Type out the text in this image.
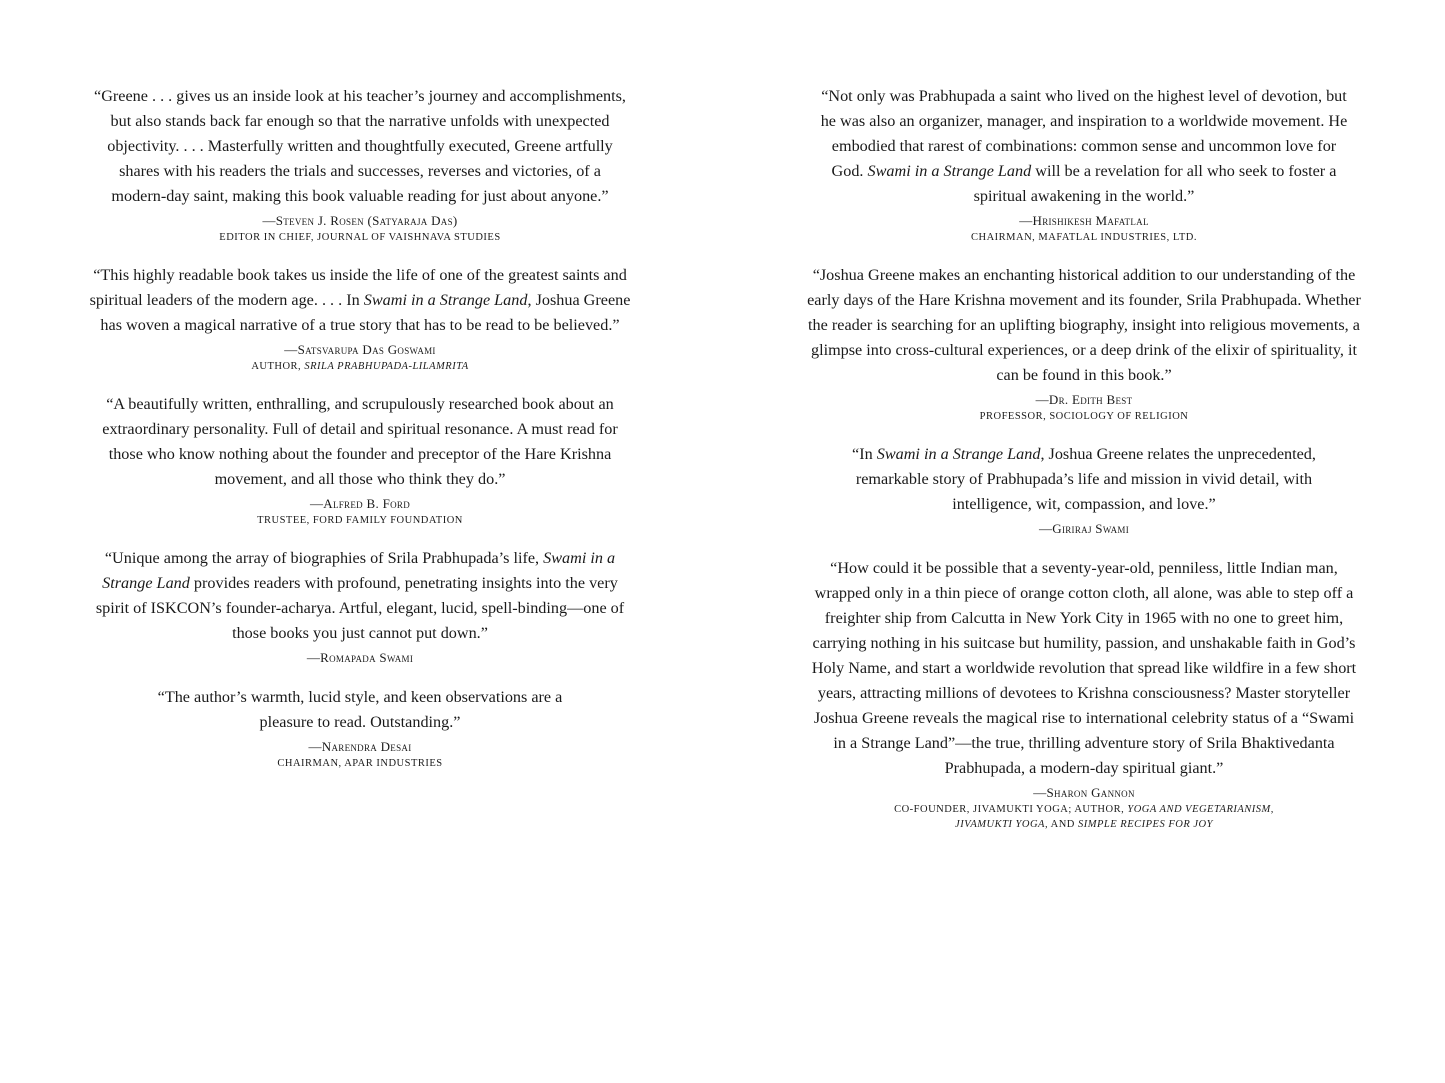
“Greene . . . gives us an inside look at his teacher’s journey and accomplishments, but also stands back far enough so that the narrative unfolds with unexpected objectivity. . . . Masterfully written and thoughtfully executed, Greene artfully shares with his readers the trials and successes, reverses and victories, of a modern-day saint, making this book valuable reading for just about anyone.”

—Steven J. Rosen (Satyaraja Das)
EDITOR IN CHIEF, JOURNAL OF VAISHNAVA STUDIES

“This highly readable book takes us inside the life of one of the greatest saints and spiritual leaders of the modern age. . . . In Swami in a Strange Land, Joshua Greene has woven a magical narrative of a true story that has to be read to be believed.”

—Satsvarupa Das Goswami
AUTHOR, SRILA PRABHUPADA-LILAMRITA

“A beautifully written, enthralling, and scrupulously researched book about an extraordinary personality. Full of detail and spiritual resonance. A must read for those who know nothing about the founder and preceptor of the Hare Krishna movement, and all those who think they do.”

—Alfred B. Ford
TRUSTEE, FORD FAMILY FOUNDATION

“Unique among the array of biographies of Srila Prabhupada’s life, Swami in a Strange Land provides readers with profound, penetrating insights into the very spirit of ISKCON’s founder-acharya. Artful, elegant, lucid, spell-binding—one of those books you just cannot put down.”

—Romapada Swami

“The author’s warmth, lucid style, and keen observations are a pleasure to read. Outstanding.”

—Narendra Desai
CHAIRMAN, APAR INDUSTRIES

“Not only was Prabhupada a saint who lived on the highest level of devotion, but he was also an organizer, manager, and inspiration to a worldwide movement. He embodied that rarest of combinations: common sense and uncommon love for God. Swami in a Strange Land will be a revelation for all who seek to foster a spiritual awakening in the world.”

—Hrishikesh Mafatlal
CHAIRMAN, MAFATLAL INDUSTRIES, LTD.

“Joshua Greene makes an enchanting historical addition to our understanding of the early days of the Hare Krishna movement and its founder, Srila Prabhupada. Whether the reader is searching for an uplifting biography, insight into religious movements, a glimpse into cross-cultural experiences, or a deep drink of the elixir of spirituality, it can be found in this book.”

—Dr. Edith Best
PROFESSOR, SOCIOLOGY OF RELIGION

“In Swami in a Strange Land, Joshua Greene relates the unprecedented, remarkable story of Prabhupada’s life and mission in vivid detail, with intelligence, wit, compassion, and love.”

—Giriraj Swami

“How could it be possible that a seventy-year-old, penniless, little Indian man, wrapped only in a thin piece of orange cotton cloth, all alone, was able to step off a freighter ship from Calcutta in New York City in 1965 with no one to greet him, carrying nothing in his suitcase but humility, passion, and unshakable faith in God’s Holy Name, and start a worldwide revolution that spread like wildfire in a few short years, attracting millions of devotees to Krishna consciousness? Master storyteller Joshua Greene reveals the magical rise to international celebrity status of a “Swami in a Strange Land”—the true, thrilling adventure story of Srila Bhaktivedanta Prabhupada, a modern-day spiritual giant.”

—Sharon Gannon
CO-FOUNDER, JIVAMUKTI YOGA; AUTHOR, YOGA AND VEGETARIANISM,
JIVAMUKTI YOGA, AND SIMPLE RECIPES FOR JOY
